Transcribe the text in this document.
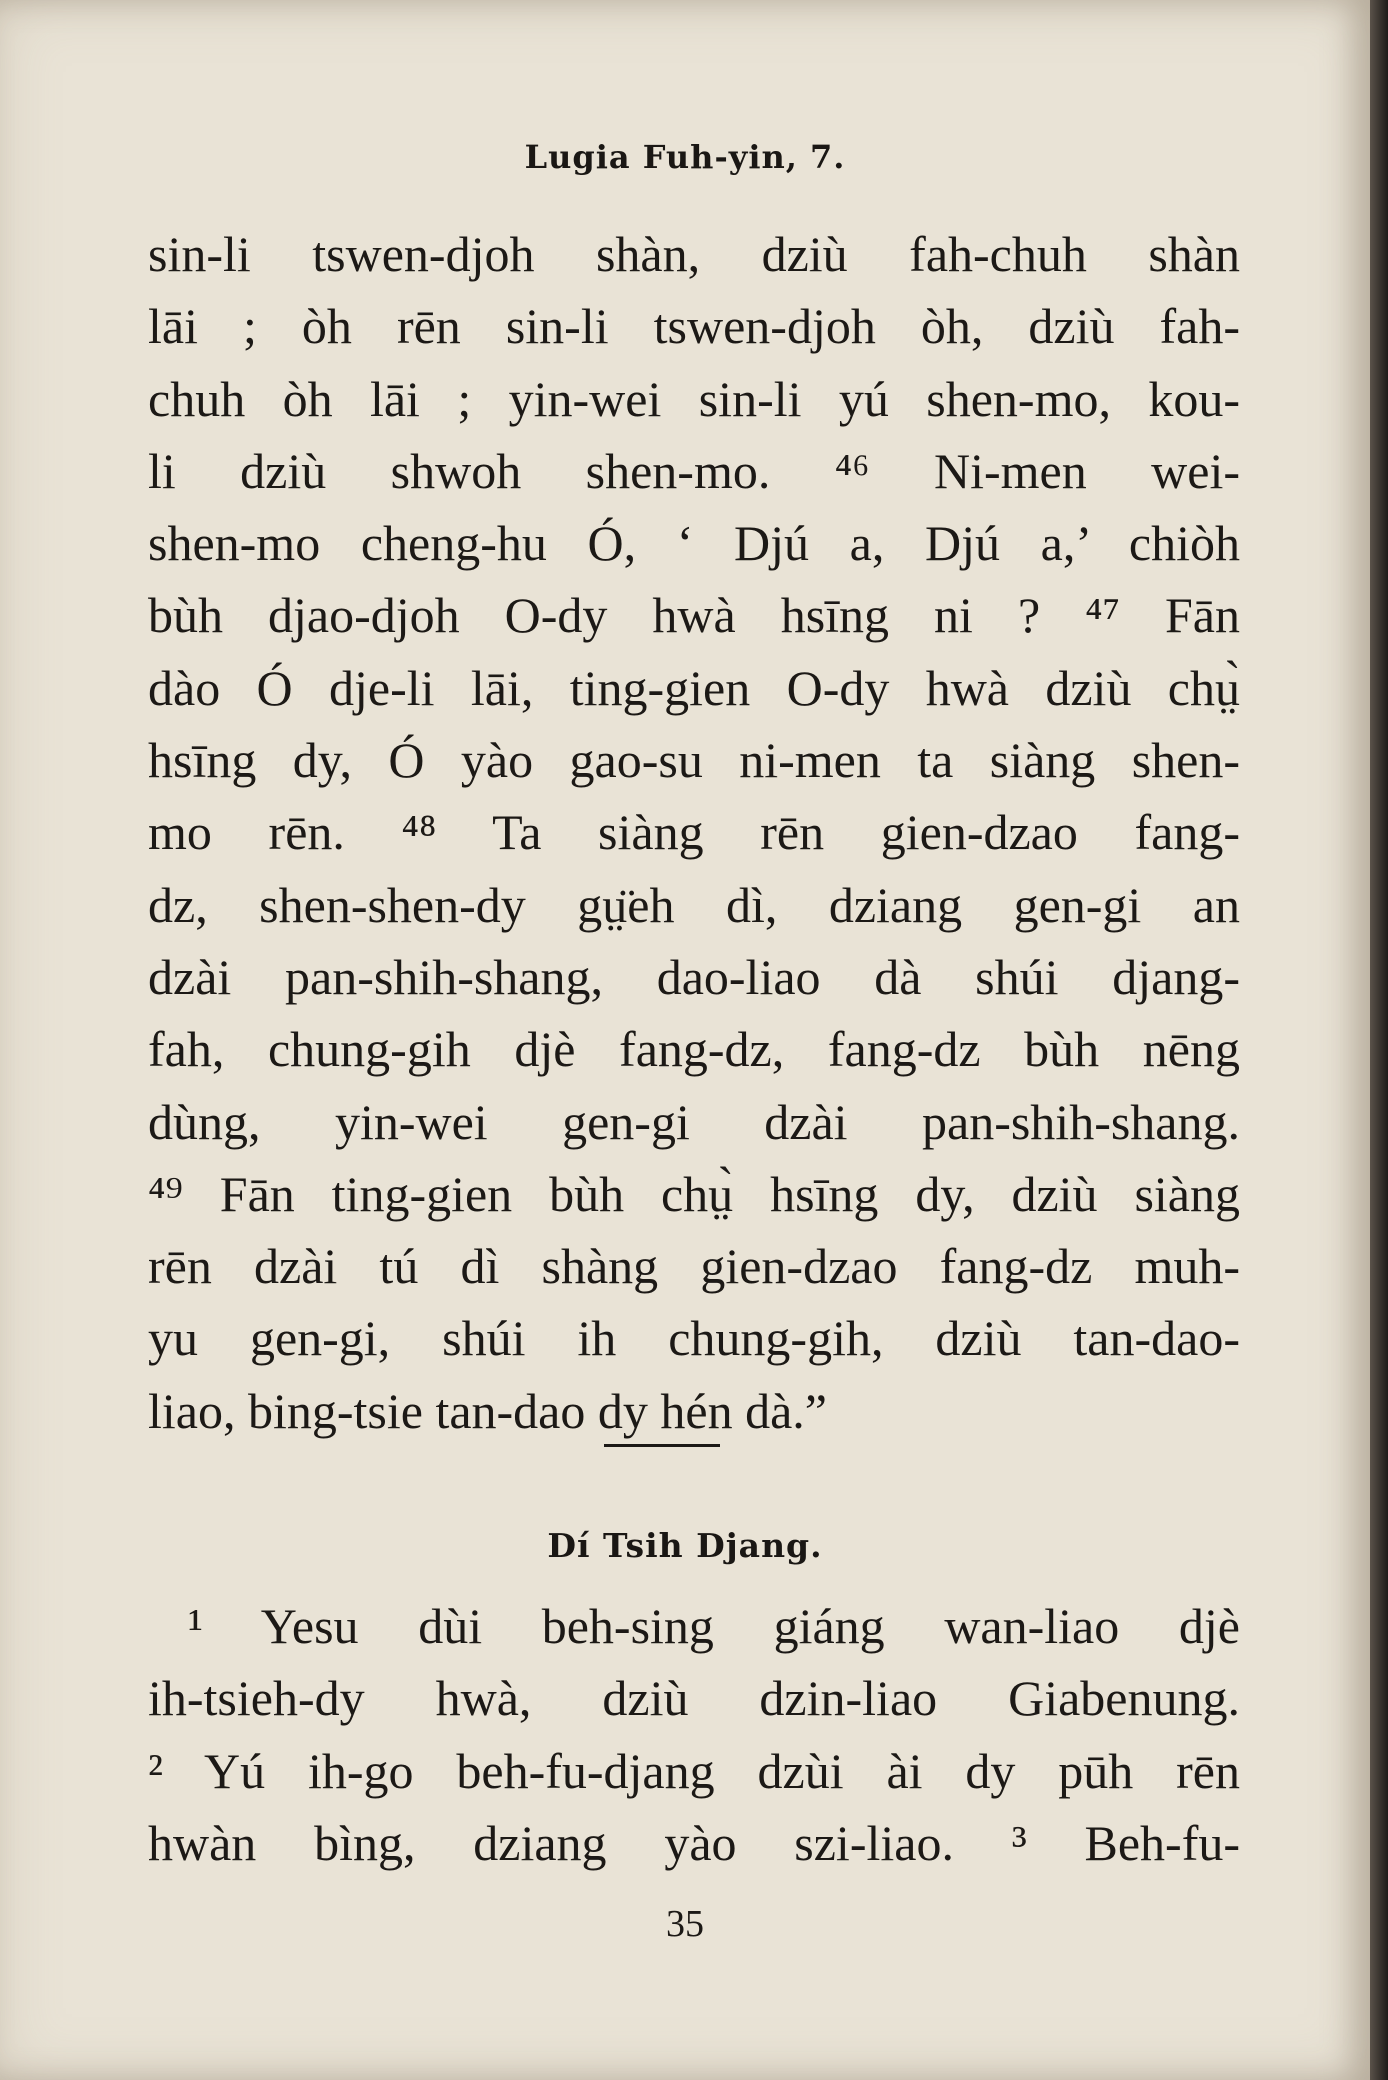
Lugia Fuh-yin, 7.
sin-li tswen-djoh shàn, dziù fah-chuh shàn
lāi ; òh rēn sin-li tswen-djoh òh, dziù fah-
chuh òh lāi ; yin-wei sin-li yú shen-mo, kou-
li dziù shwoh shen-mo. ⁴⁶ Ni-men wei-
shen-mo cheng-hu Ó, ‘ Djú a, Djú a,’ chiòh
bùh djao-djoh O-dy hwà hsīng ni ? ⁴⁷ Fān
dào Ó dje-li lāi, ting-gien O-dy hwà dziù chṳ̀
hsīng dy, Ó yào gao-su ni-men ta siàng shen-
mo rēn. ⁴⁸ Ta siàng rēn gien-dzao fang-
dz, shen-shen-dy gṳ̈eh dì, dziang gen-gi an
dzài pan-shih-shang, dao-liao dà shúi djang-
fah, chung-gih djè fang-dz, fang-dz bùh nēng
dùng, yin-wei gen-gi dzài pan-shih-shang.
⁴⁹ Fān ting-gien bùh chṳ̀ hsīng dy, dziù siàng
rēn dzài tú dì shàng gien-dzao fang-dz muh-
yu gen-gi, shúi ih chung-gih, dziù tan-dao-
liao, bing-tsie tan-dao dy hén dà.”
Dí Tsih Djang.
¹ Yesu dùi beh-sing giáng wan-liao djè
ih-tsieh-dy hwà, dziù dzin-liao Giabenung.
² Yú ih-go beh-fu-djang dzùi ài dy pūh rēn
hwàn bìng, dziang yào szi-liao. ³ Beh-fu-
35
